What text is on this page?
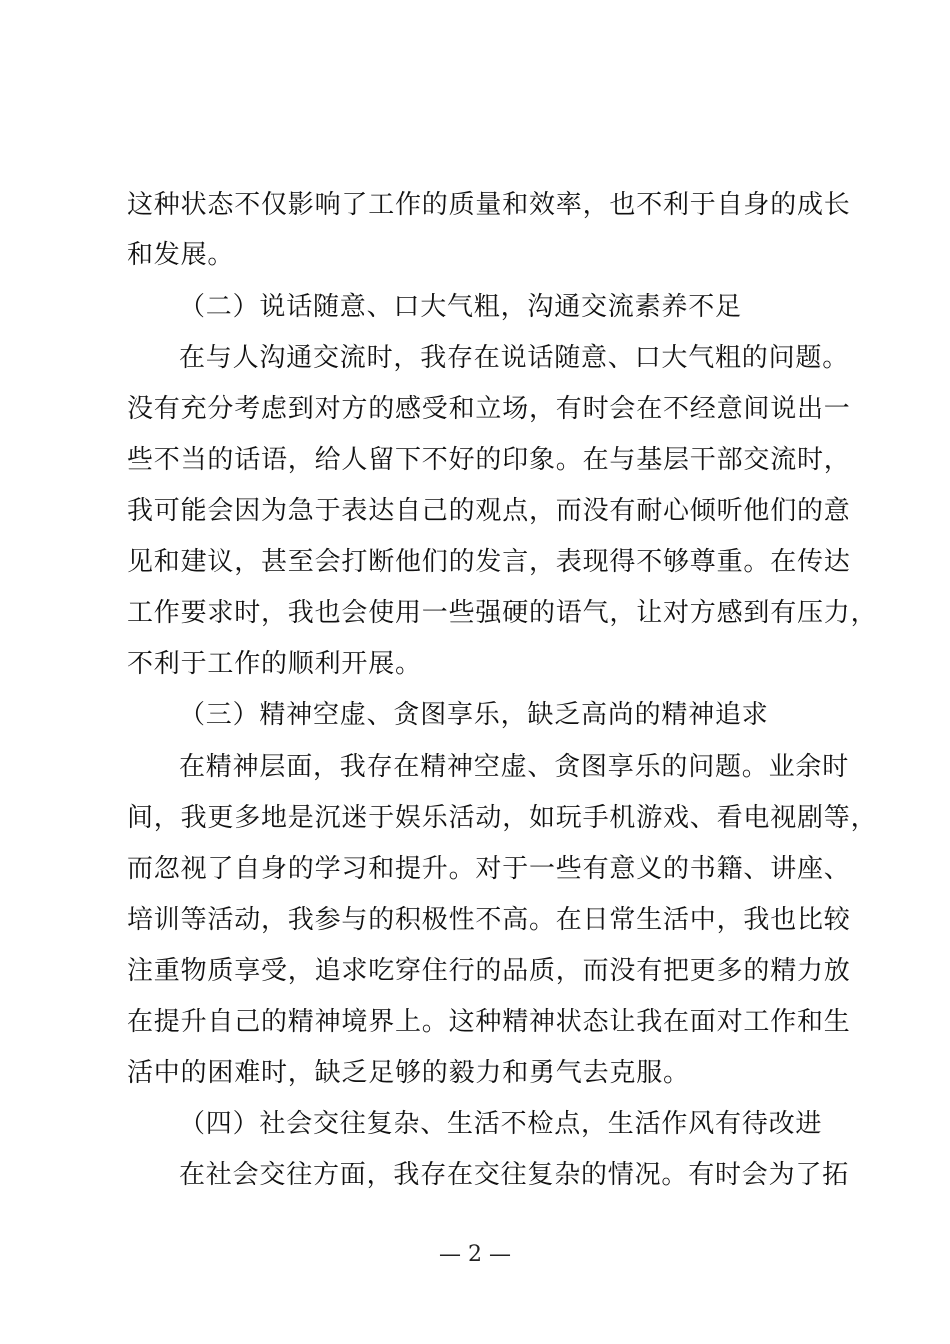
这种状态不仅影响了工作的质量和效率，也不利于自身的成长
和发展。
（二）说话随意、口大气粗，沟通交流素养不足
在与人沟通交流时，我存在说话随意、口大气粗的问题。
没有充分考虑到对方的感受和立场，有时会在不经意间说出一
些不当的话语，给人留下不好的印象。在与基层干部交流时，
我可能会因为急于表达自己的观点，而没有耐心倾听他们的意
见和建议，甚至会打断他们的发言，表现得不够尊重。在传达
工作要求时，我也会使用一些强硬的语气，让对方感到有压力，
不利于工作的顺利开展。
（三）精神空虚、贪图享乐，缺乏高尚的精神追求
在精神层面，我存在精神空虚、贪图享乐的问题。业余时
间，我更多地是沉迷于娱乐活动，如玩手机游戏、看电视剧等，
而忽视了自身的学习和提升。对于一些有意义的书籍、讲座、
培训等活动，我参与的积极性不高。在日常生活中，我也比较
注重物质享受，追求吃穿住行的品质，而没有把更多的精力放
在提升自己的精神境界上。这种精神状态让我在面对工作和生
活中的困难时，缺乏足够的毅力和勇气去克服。
（四）社会交往复杂、生活不检点，生活作风有待改进
在社会交往方面，我存在交往复杂的情况。有时会为了拓
— 2 —
